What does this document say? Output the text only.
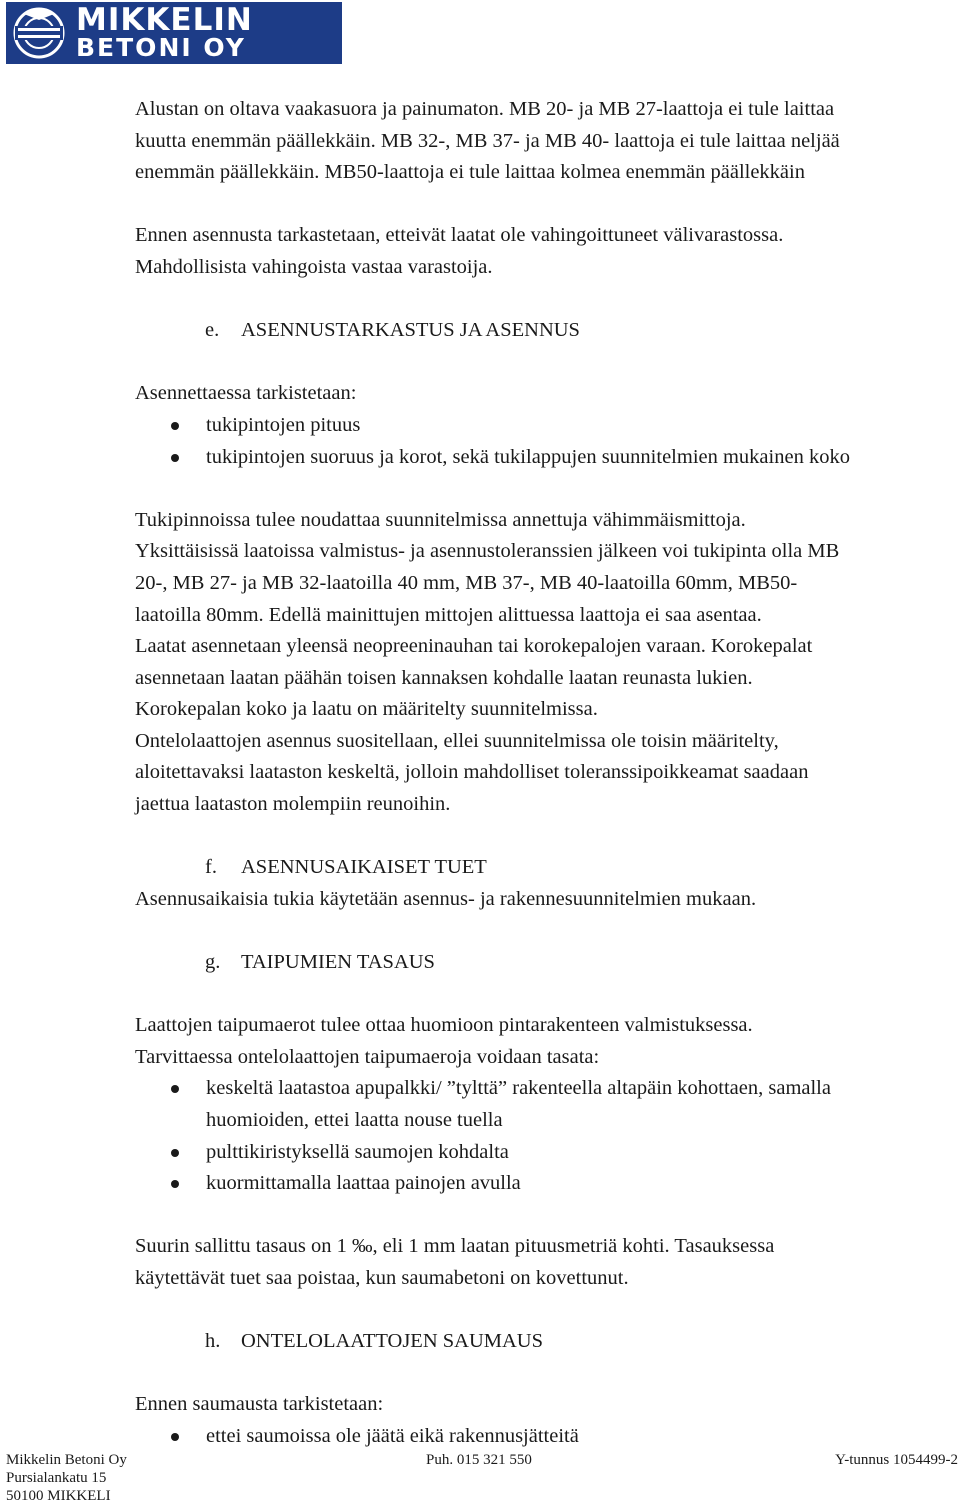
MIKKELIN
BETONI OY

Alustan on oltava vaakasuora ja painumaton. MB 20- ja MB 27-laattoja ei tule laittaa

kuutta enemmän päällekkäin. MB 32-, MB 37- ja MB 40- laattoja ei tule laittaa neljää

enemmän päällekkäin. MB50-laattoja ei tule laittaa kolmea enemmän päällekkäin

Ennen asennusta tarkastetaan, etteivät laatat ole vahingoittuneet välivarastossa.

Mahdollisista vahingoista vastaa varastoija.

e. ASENNUSTARKASTUS JA ASENNUS

Asennettaessa tarkistetaan:

tukipintojen pituus
tukipintojen suoruus ja korot, sekä tukilappujen suunnitelmien mukainen koko

Tukipinnoissa tulee noudattaa suunnitelmissa annettuja vähimmäismittoja.

Yksittäisissä laatoissa valmistus- ja asennustoleranssien jälkeen voi tukipinta olla MB

20-, MB 27- ja MB 32-laatoilla 40 mm, MB 37-, MB 40-laatoilla 60mm, MB50-

laatoilla 80mm. Edellä mainittujen mittojen alittuessa laattoja ei saa asentaa.

Laatat asennetaan yleensä neopreeninauhan tai korokepalojen varaan. Korokepalat

asennetaan laatan päähän toisen kannaksen kohdalle laatan reunasta lukien.

Korokepalan koko ja laatu on määritelty suunnitelmissa.

Ontelolaattojen asennus suositellaan, ellei suunnitelmissa ole toisin määritelty,

aloitettavaksi laataston keskeltä, jolloin mahdolliset toleranssipoikkeamat saadaan

jaettua laataston molempiin reunoihin.

f. ASENNUSAIKAISET TUET

Asennusaikaisia tukia käytetään asennus- ja rakennesuunnitelmien mukaan.

g. TAIPUMIEN TASAUS

Laattojen taipumaerot tulee ottaa huomioon pintarakenteen valmistuksessa.

Tarvittaessa ontelolaattojen taipumaeroja voidaan tasata:

keskeltä laatastoa apupalkki/ ”tylttä” rakenteella altapäin kohottaen, samalla
huomioiden, ettei laatta nouse tuella
pulttikiristyksellä saumojen kohdalta
kuormittamalla laattaa painojen avulla

Suurin sallittu tasaus on 1 ‰, eli 1 mm laatan pituusmetriä kohti. Tasauksessa

käytettävät tuet saa poistaa, kun saumabetoni on kovettunut.

h. ONTELOLAATTOJEN SAUMAUS

Ennen saumausta tarkistetaan:

ettei saumoissa ole jäätä eikä rakennusjätteitä
Mikkelin Betoni Oy
Pursialankatu 15
50100 MIKKELI
Puh. 015 321 550	Y-tunnus 1054499-2
